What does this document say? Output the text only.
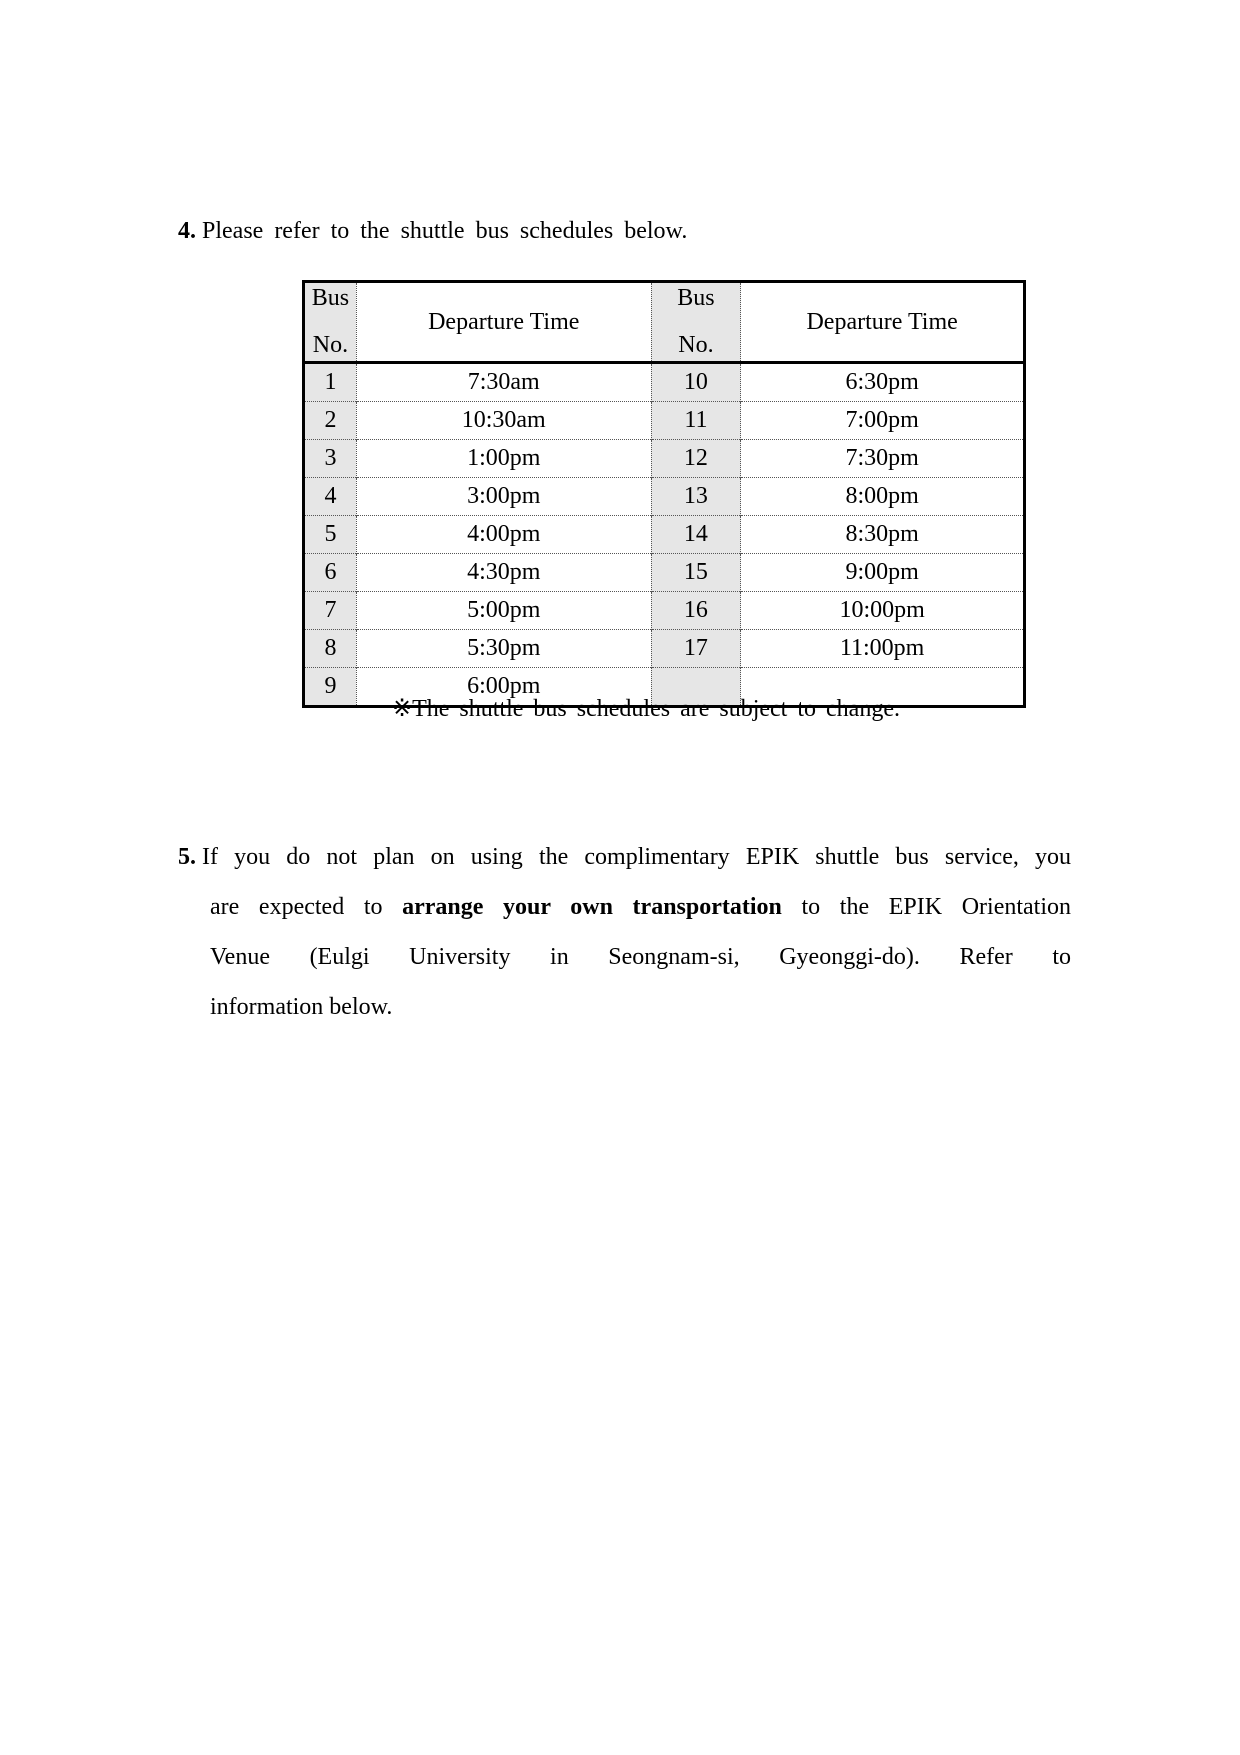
4. Please refer to the shuttle bus schedules below.
Bus
No.	Departure Time	Bus
No.	Departure Time
1	7:30am	10	6:30pm
2	10:30am	11	7:00pm
3	1:00pm	12	7:30pm
4	3:00pm	13	8:00pm
5	4:00pm	14	8:30pm
6	4:30pm	15	9:00pm
7	5:00pm	16	10:00pm
8	5:30pm	17	11:00pm
9	6:00pm		
※The shuttle bus schedules are subject to change.
5. If you do not plan on using the complimentary EPIK shuttle bus service, you
are expected to arrange your own transportation to the EPIK Orientation
Venue (Eulgi University in Seongnam-si, Gyeonggi-do). Refer to
information below.
